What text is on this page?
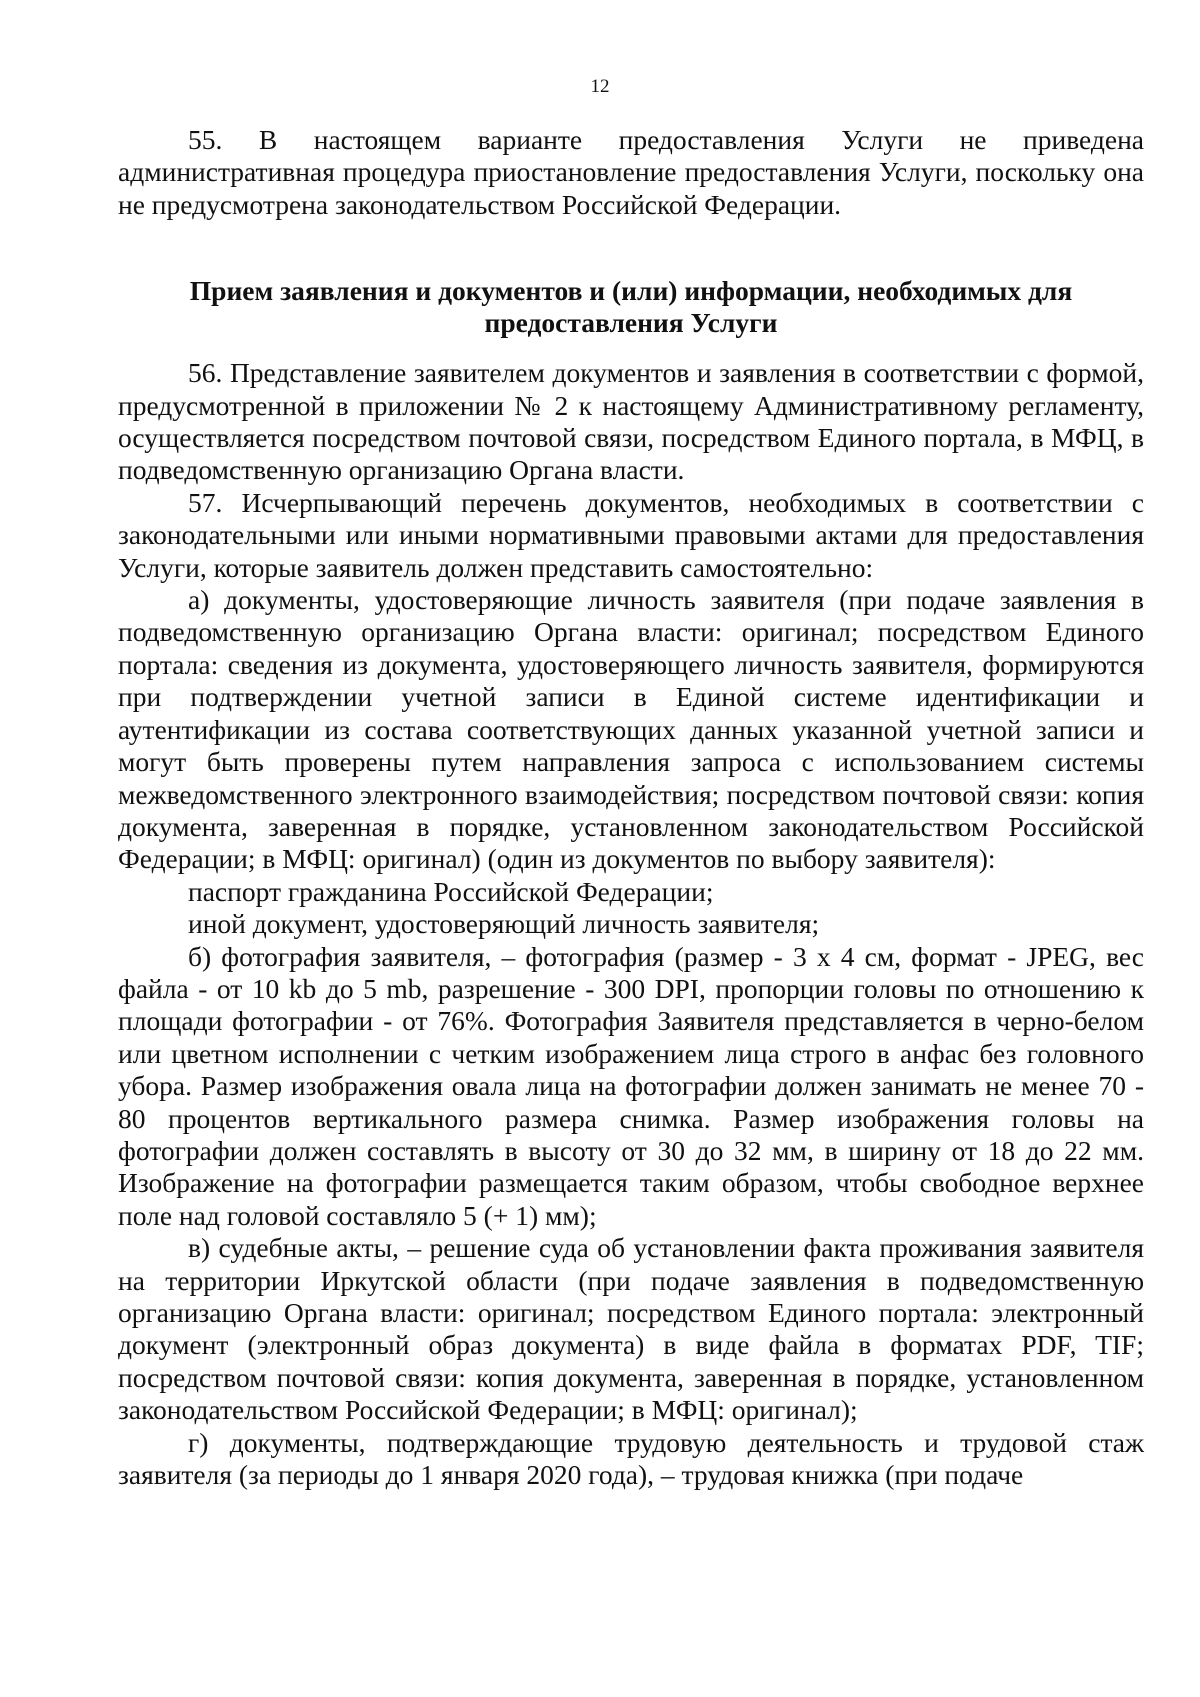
12

55. В настоящем варианте предоставления Услуги не приведена административная процедура приостановление предоставления Услуги, поскольку она не предусмотрена законодательством Российской Федерации.

Прием заявления и документов и (или) информации, необходимых для
предоставления Услуги

56. Представление заявителем документов и заявления в соответствии с формой, предусмотренной в приложении № 2 к настоящему Административному регламенту, осуществляется посредством почтовой связи, посредством Единого портала, в МФЦ, в подведомственную организацию Органа власти.

57. Исчерпывающий перечень документов, необходимых в соответствии с законодательными или иными нормативными правовыми актами для предоставления Услуги, которые заявитель должен представить самостоятельно:

а) документы, удостоверяющие личность заявителя (при подаче заявления в подведомственную организацию Органа власти: оригинал; посредством Единого портала: сведения из документа, удостоверяющего личность заявителя, формируются при подтверждении учетной записи в Единой системе идентификации и аутентификации из состава соответствующих данных указанной учетной записи и могут быть проверены путем направления запроса с использованием системы межведомственного электронного взаимодействия; посредством почтовой связи: копия документа, заверенная в порядке, установленном законодательством Российской Федерации; в МФЦ: оригинал) (один из документов по выбору заявителя):

паспорт гражданина Российской Федерации;

иной документ, удостоверяющий личность заявителя;

б) фотография заявителя, – фотография (размер - 3 х 4 см, формат - JPEG, вес файла - от 10 kb до 5 mb, разрешение - 300 DPI, пропорции головы по отношению к площади фотографии - от 76%. Фотография Заявителя представляется в черно-белом или цветном исполнении с четким изображением лица строго в анфас без головного убора. Размер изображения овала лица на фотографии должен занимать не менее 70 - 80 процентов вертикального размера снимка. Размер изображения головы на фотографии должен составлять в высоту от 30 до 32 мм, в ширину от 18 до 22 мм. Изображение на фотографии размещается таким образом, чтобы свободное верхнее поле над головой составляло 5 (+ 1) мм);

в) судебные акты, – решение суда об установлении факта проживания заявителя на территории Иркутской области (при подаче заявления в подведомственную организацию Органа власти: оригинал; посредством Единого портала: электронный документ (электронный образ документа) в виде файла в форматах PDF, TIF; посредством почтовой связи: копия документа, заверенная в порядке, установленном законодательством Российской Федерации; в МФЦ: оригинал);

г) документы, подтверждающие трудовую деятельность и трудовой стаж заявителя (за периоды до 1 января 2020 года), – трудовая книжка (при подаче
